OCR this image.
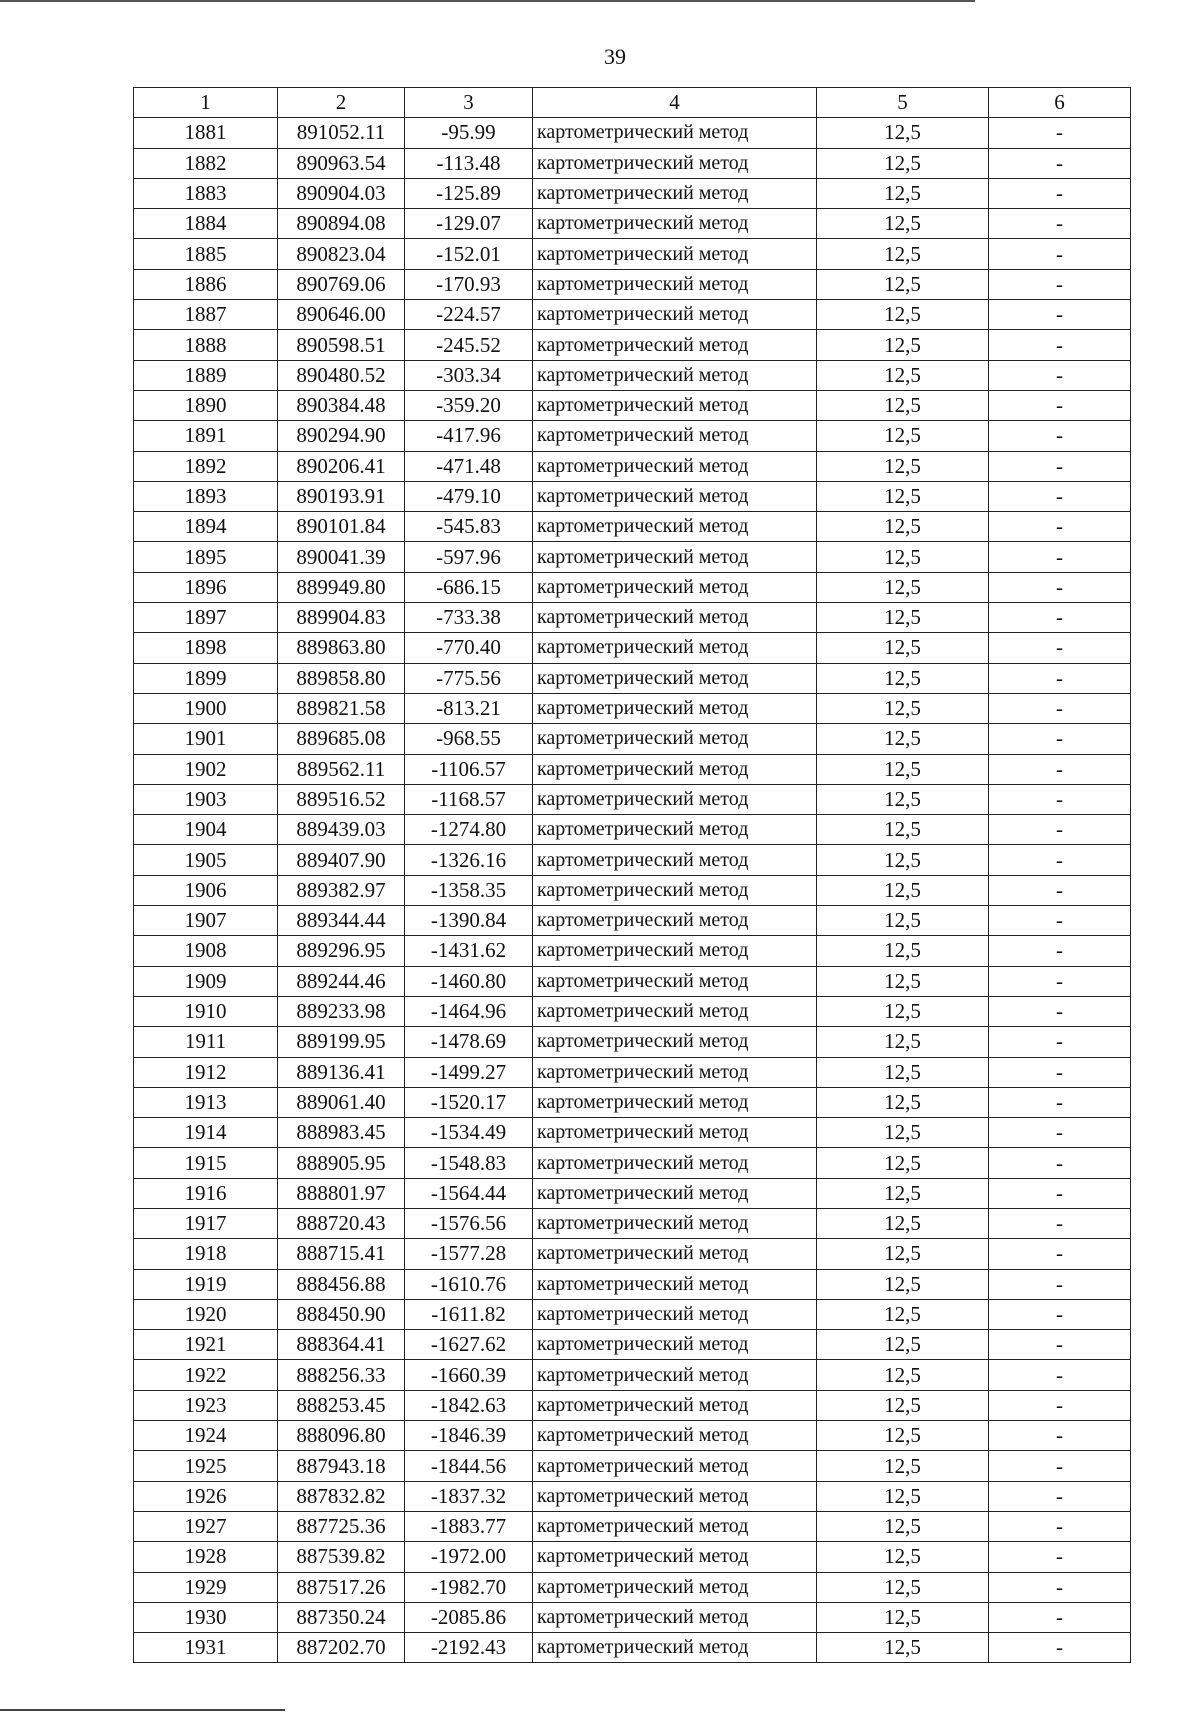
39
1	2	3	4	5	6
1881	891052.11	-95.99	картометрический метод	12,5	-
1882	890963.54	-113.48	картометрический метод	12,5	-
1883	890904.03	-125.89	картометрический метод	12,5	-
1884	890894.08	-129.07	картометрический метод	12,5	-
1885	890823.04	-152.01	картометрический метод	12,5	-
1886	890769.06	-170.93	картометрический метод	12,5	-
1887	890646.00	-224.57	картометрический метод	12,5	-
1888	890598.51	-245.52	картометрический метод	12,5	-
1889	890480.52	-303.34	картометрический метод	12,5	-
1890	890384.48	-359.20	картометрический метод	12,5	-
1891	890294.90	-417.96	картометрический метод	12,5	-
1892	890206.41	-471.48	картометрический метод	12,5	-
1893	890193.91	-479.10	картометрический метод	12,5	-
1894	890101.84	-545.83	картометрический метод	12,5	-
1895	890041.39	-597.96	картометрический метод	12,5	-
1896	889949.80	-686.15	картометрический метод	12,5	-
1897	889904.83	-733.38	картометрический метод	12,5	-
1898	889863.80	-770.40	картометрический метод	12,5	-
1899	889858.80	-775.56	картометрический метод	12,5	-
1900	889821.58	-813.21	картометрический метод	12,5	-
1901	889685.08	-968.55	картометрический метод	12,5	-
1902	889562.11	-1106.57	картометрический метод	12,5	-
1903	889516.52	-1168.57	картометрический метод	12,5	-
1904	889439.03	-1274.80	картометрический метод	12,5	-
1905	889407.90	-1326.16	картометрический метод	12,5	-
1906	889382.97	-1358.35	картометрический метод	12,5	-
1907	889344.44	-1390.84	картометрический метод	12,5	-
1908	889296.95	-1431.62	картометрический метод	12,5	-
1909	889244.46	-1460.80	картометрический метод	12,5	-
1910	889233.98	-1464.96	картометрический метод	12,5	-
1911	889199.95	-1478.69	картометрический метод	12,5	-
1912	889136.41	-1499.27	картометрический метод	12,5	-
1913	889061.40	-1520.17	картометрический метод	12,5	-
1914	888983.45	-1534.49	картометрический метод	12,5	-
1915	888905.95	-1548.83	картометрический метод	12,5	-
1916	888801.97	-1564.44	картометрический метод	12,5	-
1917	888720.43	-1576.56	картометрический метод	12,5	-
1918	888715.41	-1577.28	картометрический метод	12,5	-
1919	888456.88	-1610.76	картометрический метод	12,5	-
1920	888450.90	-1611.82	картометрический метод	12,5	-
1921	888364.41	-1627.62	картометрический метод	12,5	-
1922	888256.33	-1660.39	картометрический метод	12,5	-
1923	888253.45	-1842.63	картометрический метод	12,5	-
1924	888096.80	-1846.39	картометрический метод	12,5	-
1925	887943.18	-1844.56	картометрический метод	12,5	-
1926	887832.82	-1837.32	картометрический метод	12,5	-
1927	887725.36	-1883.77	картометрический метод	12,5	-
1928	887539.82	-1972.00	картометрический метод	12,5	-
1929	887517.26	-1982.70	картометрический метод	12,5	-
1930	887350.24	-2085.86	картометрический метод	12,5	-
1931	887202.70	-2192.43	картометрический метод	12,5	-
